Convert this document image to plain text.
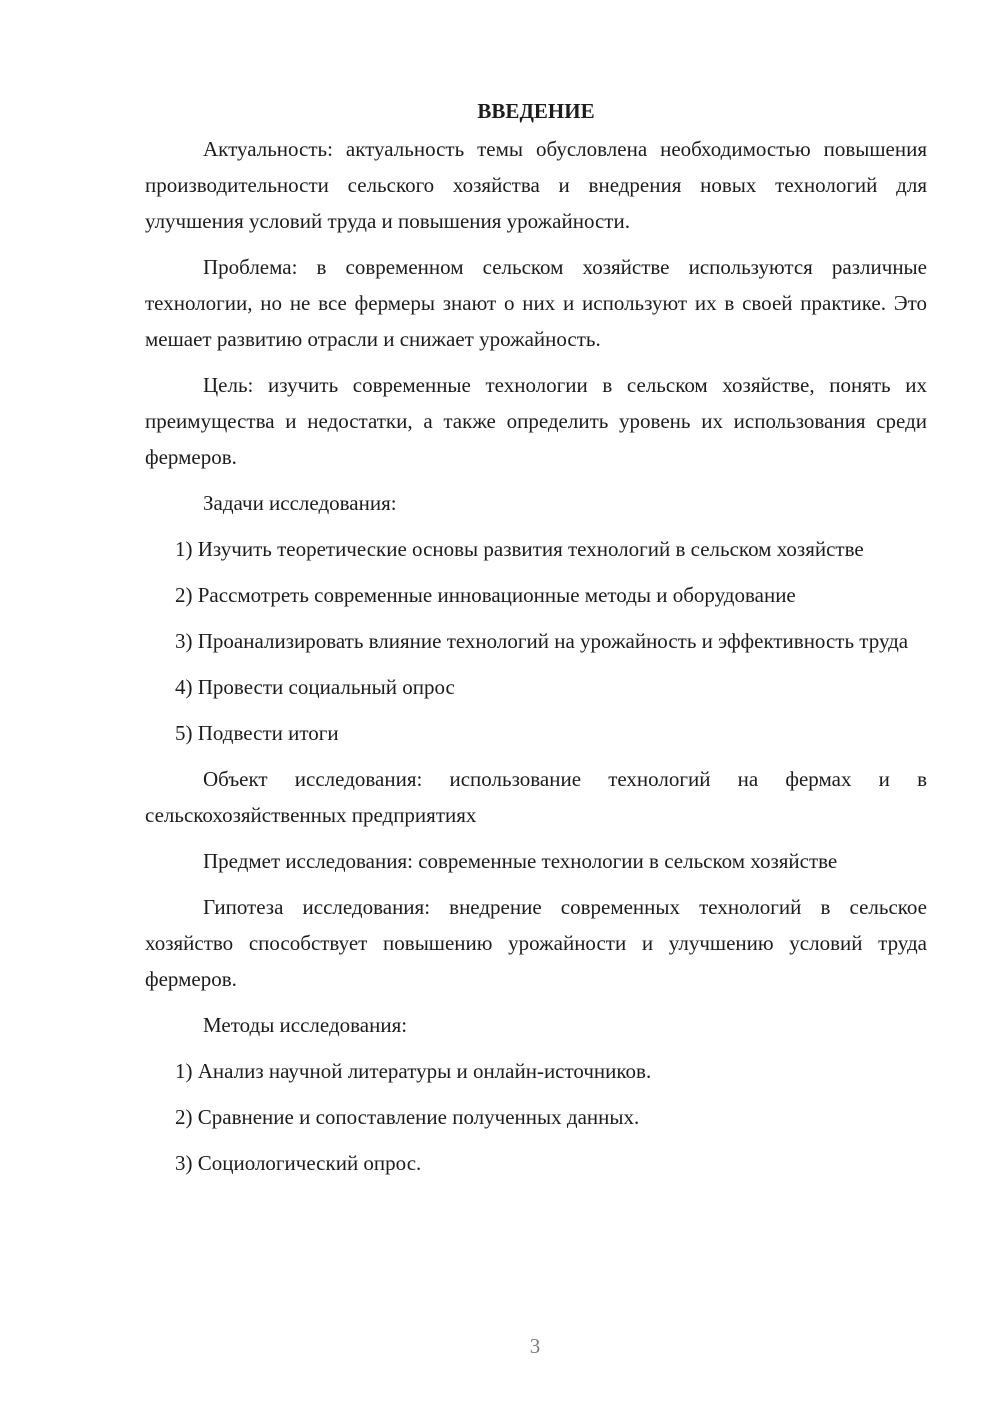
ВВЕДЕНИЕ

Актуальность: актуальность темы обусловлена необходимостью повышения производительности сельского хозяйства и внедрения новых технологий для улучшения условий труда и повышения урожайности.

Проблема: в современном сельском хозяйстве используются различные технологии, но не все фермеры знают о них и используют их в своей практике. Это мешает развитию отрасли и снижает урожайность.

Цель: изучить современные технологии в сельском хозяйстве, понять их преимущества и недостатки, а также определить уровень их использования среди фермеров.

Задачи исследования:

1) Изучить теоретические основы развития технологий в сельском хозяйстве

2) Рассмотреть современные инновационные методы и оборудование

3) Проанализировать влияние технологий на урожайность и эффективность труда

4) Провести социальный опрос

5) Подвести итоги

Объект исследования: использование технологий на фермах и в сельскохозяйственных предприятиях

Предмет исследования: современные технологии в сельском хозяйстве

Гипотеза исследования: внедрение современных технологий в сельское хозяйство способствует повышению урожайности и улучшению условий труда фермеров.

Методы исследования:

1) Анализ научной литературы и онлайн-источников.

2) Сравнение и сопоставление полученных данных.

3) Социологический опрос.

3
